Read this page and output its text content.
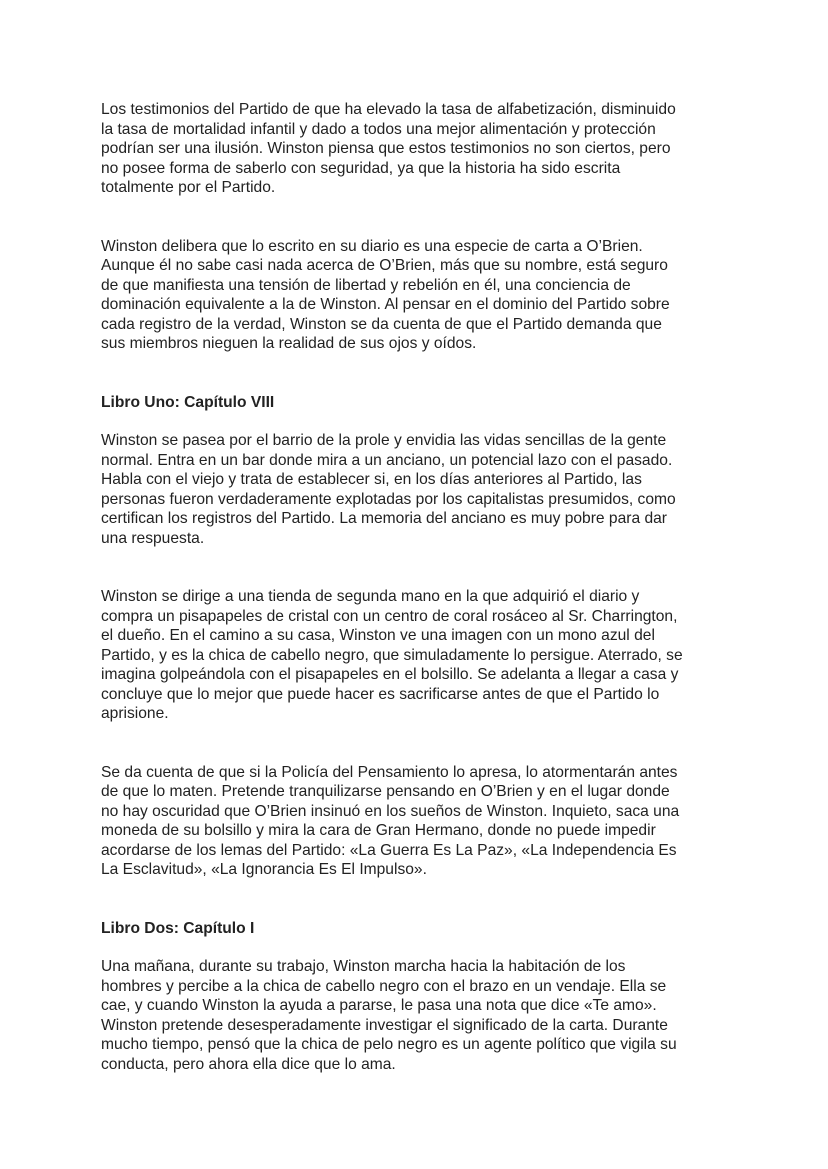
Los testimonios del Partido de que ha elevado la tasa de alfabetización, disminuido
la tasa de mortalidad infantil y dado a todos una mejor alimentación y protección
podrían ser una ilusión. Winston piensa que estos testimonios no son ciertos, pero
no posee forma de saberlo con seguridad, ya que la historia ha sido escrita
totalmente por el Partido.
Winston delibera que lo escrito en su diario es una especie de carta a O’Brien.
Aunque él no sabe casi nada acerca de O’Brien, más que su nombre, está seguro
de que manifiesta una tensión de libertad y rebelión en él, una conciencia de
dominación equivalente a la de Winston. Al pensar en el dominio del Partido sobre
cada registro de la verdad, Winston se da cuenta de que el Partido demanda que
sus miembros nieguen la realidad de sus ojos y oídos.
Libro Uno: Capítulo VIII
Winston se pasea por el barrio de la prole y envidia las vidas sencillas de la gente
normal. Entra en un bar donde mira a un anciano, un potencial lazo con el pasado.
Habla con el viejo y trata de establecer si, en los días anteriores al Partido, las
personas fueron verdaderamente explotadas por los capitalistas presumidos, como
certifican los registros del Partido. La memoria del anciano es muy pobre para dar
una respuesta.
Winston se dirige a una tienda de segunda mano en la que adquirió el diario y
compra un pisapapeles de cristal con un centro de coral rosáceo al Sr. Charrington,
el dueño. En el camino a su casa, Winston ve una imagen con un mono azul del
Partido, y es la chica de cabello negro, que simuladamente lo persigue. Aterrado, se
imagina golpeándola con el pisapapeles en el bolsillo. Se adelanta a llegar a casa y
concluye que lo mejor que puede hacer es sacrificarse antes de que el Partido lo
aprisione.
Se da cuenta de que si la Policía del Pensamiento lo apresa, lo atormentarán antes
de que lo maten. Pretende tranquilizarse pensando en O’Brien y en el lugar donde
no hay oscuridad que O’Brien insinuó en los sueños de Winston. Inquieto, saca una
moneda de su bolsillo y mira la cara de Gran Hermano, donde no puede impedir
acordarse de los lemas del Partido: «La Guerra Es La Paz», «La Independencia Es
La Esclavitud», «La Ignorancia Es El Impulso».
Libro Dos: Capítulo I
Una mañana, durante su trabajo, Winston marcha hacia la habitación de los
hombres y percibe a la chica de cabello negro con el brazo en un vendaje. Ella se
cae, y cuando Winston la ayuda a pararse, le pasa una nota que dice «Te amo».
Winston pretende desesperadamente investigar el significado de la carta. Durante
mucho tiempo, pensó que la chica de pelo negro es un agente político que vigila su
conducta, pero ahora ella dice que lo ama.
